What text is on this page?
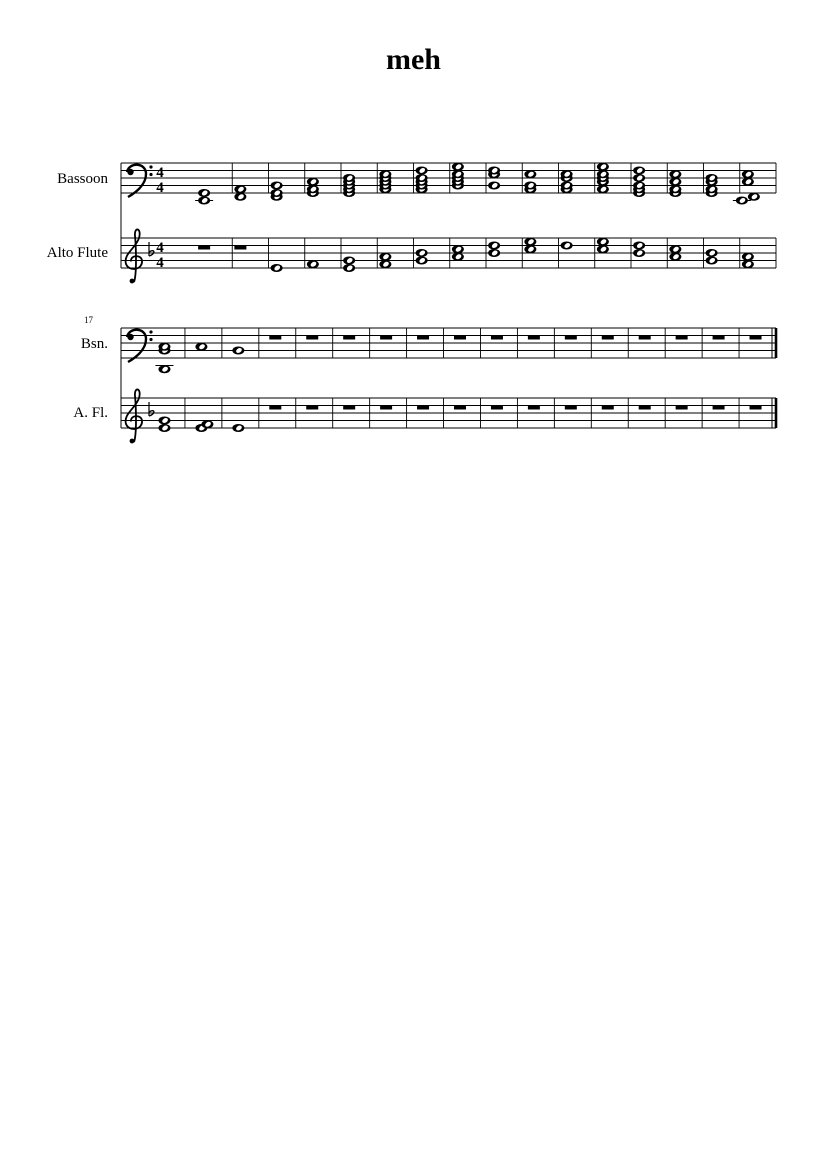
meh
17
Bassoon
Alto Flute
4
4
4
4
Bsn.
A. Fl.
